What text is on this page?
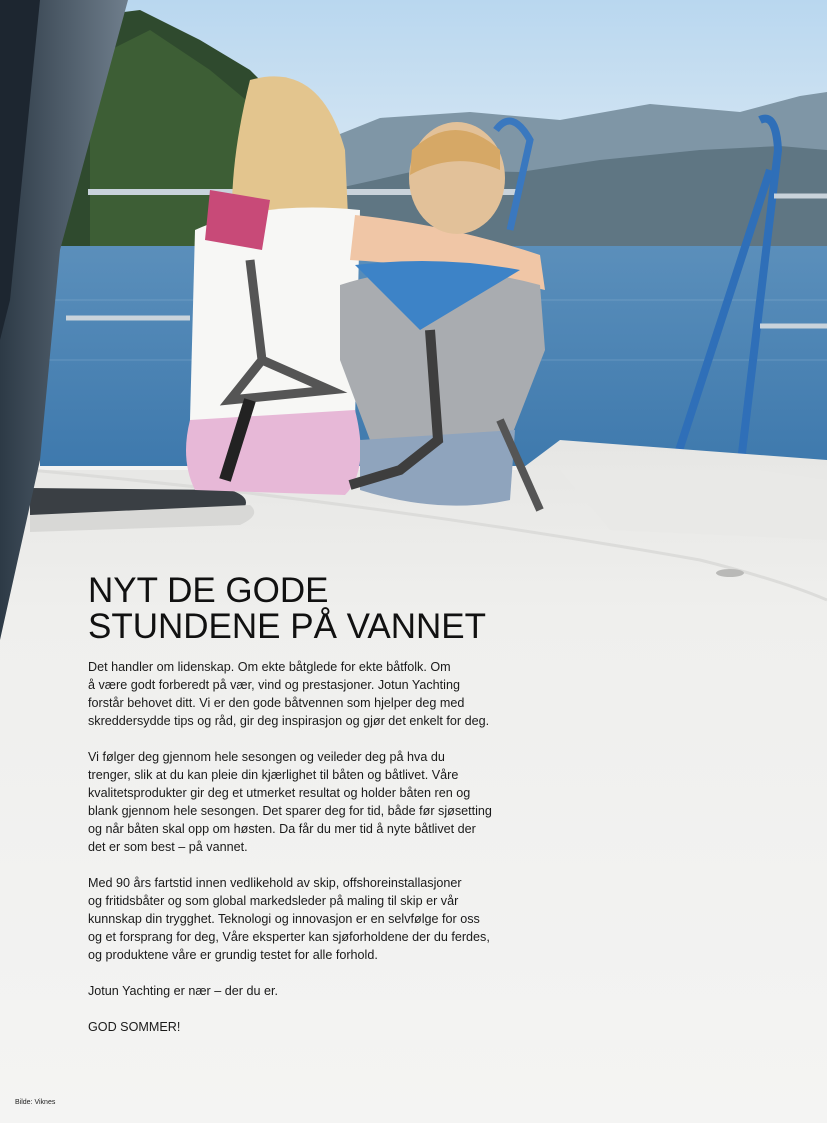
NYT DE GODE
STUNDENE PÅ VANNET

Det handler om lidenskap. Om ekte båtglede for ekte båtfolk. Om
å være godt forberedt på vær, vind og prestasjoner. Jotun Yachting
forstår behovet ditt. Vi er den gode båtvennen som hjelper deg med
skreddersydde tips og råd, gir deg inspirasjon og gjør det enkelt for deg.

Vi følger deg gjennom hele sesongen og veileder deg på hva du
trenger, slik at du kan pleie din kjærlighet til båten og båtlivet. Våre
kvalitetsprodukter gir deg et utmerket resultat og holder båten ren og
blank gjennom hele sesongen. Det sparer deg for tid, både før sjøsetting
og når båten skal opp om høsten. Da får du mer tid å nyte båtlivet der
det er som best – på vannet.

Med 90 års fartstid innen vedlikehold av skip, offshoreinstallasjoner
og fritidsbåter og som global markedsleder på maling til skip er vår
kunnskap din trygghet. Teknologi og innovasjon er en selvfølge for oss
og et forsprang for deg, Våre eksperter kan sjøforholdene der du ferdes,
og produktene våre er grundig testet for alle forhold.

Jotun Yachting er nær – der du er.

GOD SOMMER!

Bilde: Viknes
